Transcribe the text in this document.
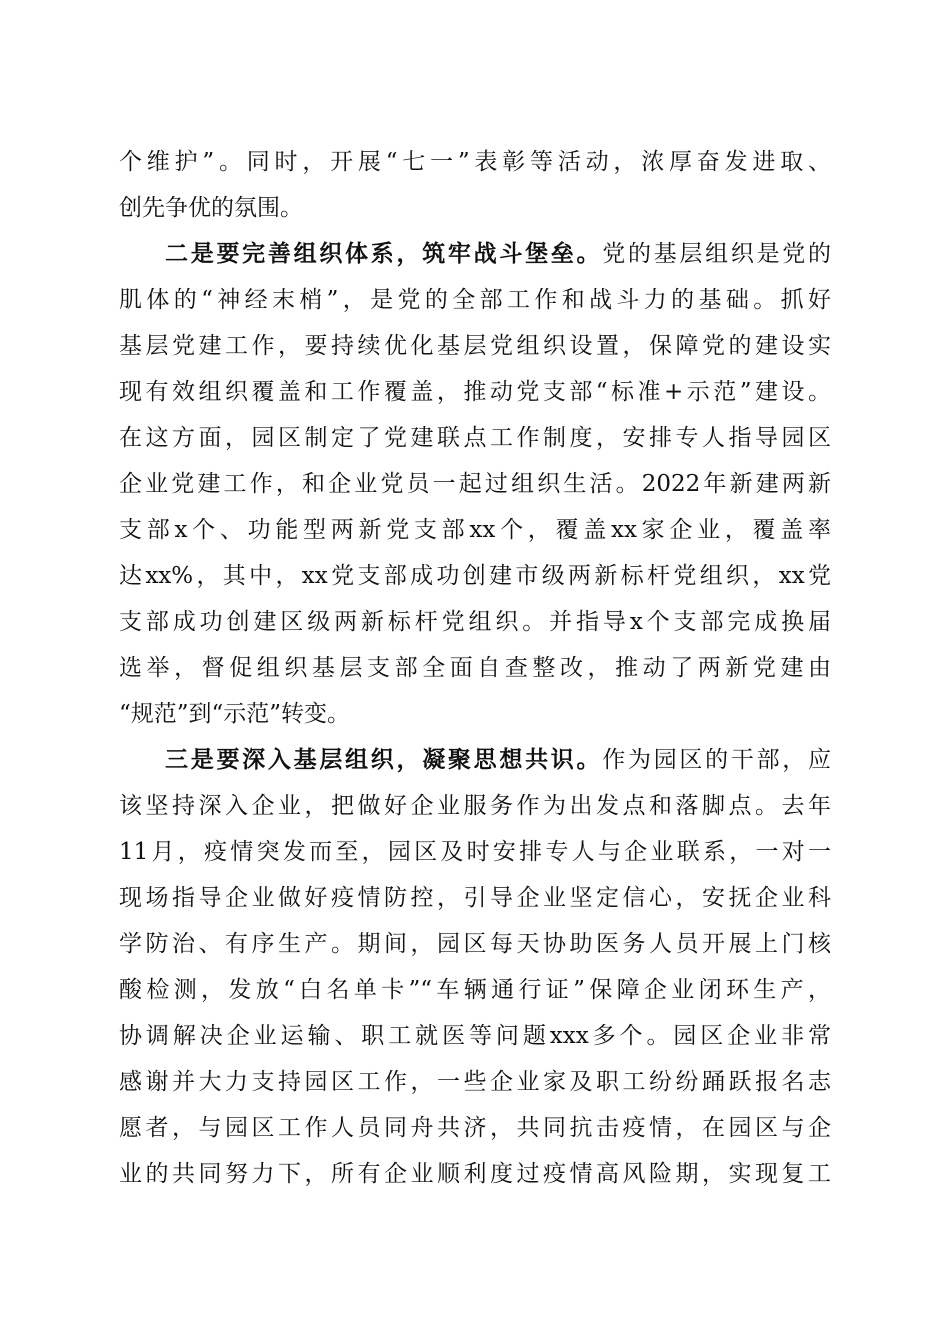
个维护”。同时，开展“七一”表彰等活动，浓厚奋发进取、
创先争优的氛围。
二是要完善组织体系，筑牢战斗堡垒。党的基层组织是党的
肌体的“神经末梢”，是党的全部工作和战斗力的基础。抓好
基层党建工作，要持续优化基层党组织设置，保障党的建设实
现有效组织覆盖和工作覆盖，推动党支部“标准+示范”建设。
在这方面，园区制定了党建联点工作制度，安排专人指导园区
企业党建工作，和企业党员一起过组织生活。2022年新建两新
支部x个、功能型两新党支部xx个，覆盖xx家企业，覆盖率
达xx%，其中，xx党支部成功创建市级两新标杆党组织，xx党
支部成功创建区级两新标杆党组织。并指导x个支部完成换届
选举，督促组织基层支部全面自查整改，推动了两新党建由
“规范”到“示范”转变。
三是要深入基层组织，凝聚思想共识。作为园区的干部，应
该坚持深入企业，把做好企业服务作为出发点和落脚点。去年
11月，疫情突发而至，园区及时安排专人与企业联系，一对一
现场指导企业做好疫情防控，引导企业坚定信心，安抚企业科
学防治、有序生产。期间，园区每天协助医务人员开展上门核
酸检测，发放“白名单卡”“车辆通行证”保障企业闭环生产，
协调解决企业运输、职工就医等问题xxx多个。园区企业非常
感谢并大力支持园区工作，一些企业家及职工纷纷踊跃报名志
愿者，与园区工作人员同舟共济，共同抗击疫情，在园区与企
业的共同努力下，所有企业顺利度过疫情高风险期，实现复工
